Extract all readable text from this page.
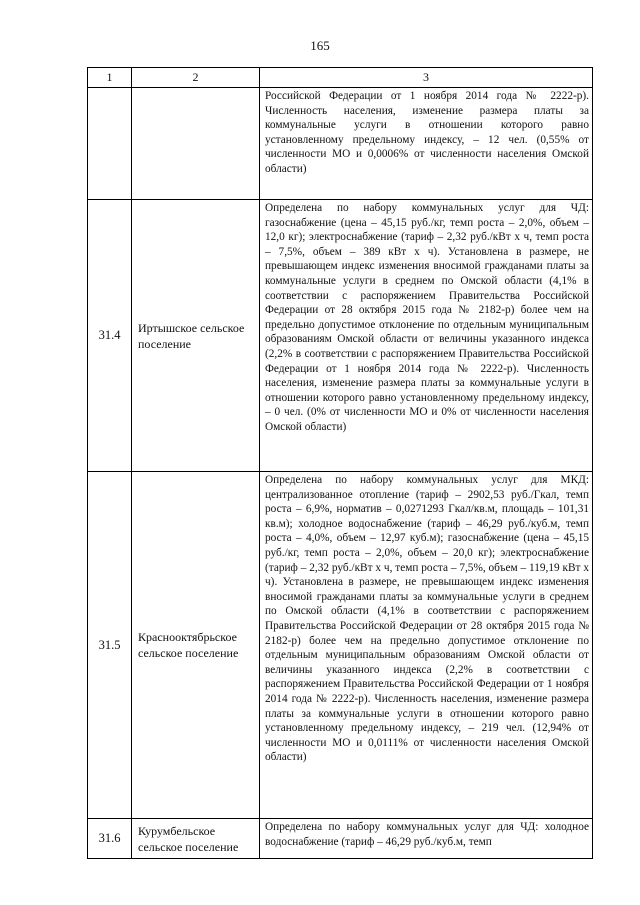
165
1	2	3

		Российской Федерации от 1 ноября 2014 года № 2222-р). Численность населения, изменение размера платы за коммунальные услуги в отношении которого равно установленному предельному индексу, – 12 чел. (0,55% от численности МО и 0,0006% от численности населения Омской области)

31.4	Иртышское сельское поселение	Определена по набору коммунальных услуг для ЧД: газоснабжение (цена – 45,15 руб./кг, темп роста – 2,0%, объем – 12,0 кг); электроснабжение (тариф – 2,32 руб./кВт х ч, темп роста – 7,5%, объем – 389 кВт х ч). Установлена в размере, не превышающем индекс изменения вносимой гражданами платы за коммунальные услуги в среднем по Омской области (4,1% в соответствии с распоряжением Правительства Российской Федерации от 28 октября 2015 года № 2182-р) более чем на предельно допустимое отклонение по отдельным муниципальным образованиям Омской области от величины указанного индекса (2,2% в соответствии с распоряжением Правительства Российской Федерации от 1 ноября 2014 года № 2222-р). Численность населения, изменение размера платы за коммунальные услуги в отношении которого равно установленному предельному индексу, – 0 чел. (0% от численности МО и 0% от численности населения Омской области)

31.5	Краснооктябрьское сельское поселение	Определена по набору коммунальных услуг для МКД: централизованное отопление (тариф – 2902,53 руб./Гкал, темп роста – 6,9%, норматив – 0,0271293 Гкал/кв.м, площадь – 101,31 кв.м); холодное водоснабжение (тариф – 46,29 руб./куб.м, темп роста – 4,0%, объем – 12,97 куб.м); газоснабжение (цена – 45,15 руб./кг, темп роста – 2,0%, объем – 20,0 кг); электроснабжение (тариф – 2,32 руб./кВт х ч, темп роста – 7,5%, объем – 119,19 кВт х ч). Установлена в размере, не превышающем индекс изменения вносимой гражданами платы за коммунальные услуги в среднем по Омской области (4,1% в соответствии с распоряжением Правительства Российской Федерации от 28 октября 2015 года № 2182-р) более чем на предельно допустимое отклонение по отдельным муниципальным образованиям Омской области от величины указанного индекса (2,2% в соответствии с распоряжением Правительства Российской Федерации от 1 ноября 2014 года № 2222-р). Численность населения, изменение размера платы за коммунальные услуги в отношении которого равно установленному предельному индексу, – 219 чел. (12,94% от численности МО и 0,0111% от численности населения Омской области)

31.6	Курумбельское сельское поселение	Определена по набору коммунальных услуг для ЧД: холодное водоснабжение (тариф – 46,29 руб./куб.м, темп
